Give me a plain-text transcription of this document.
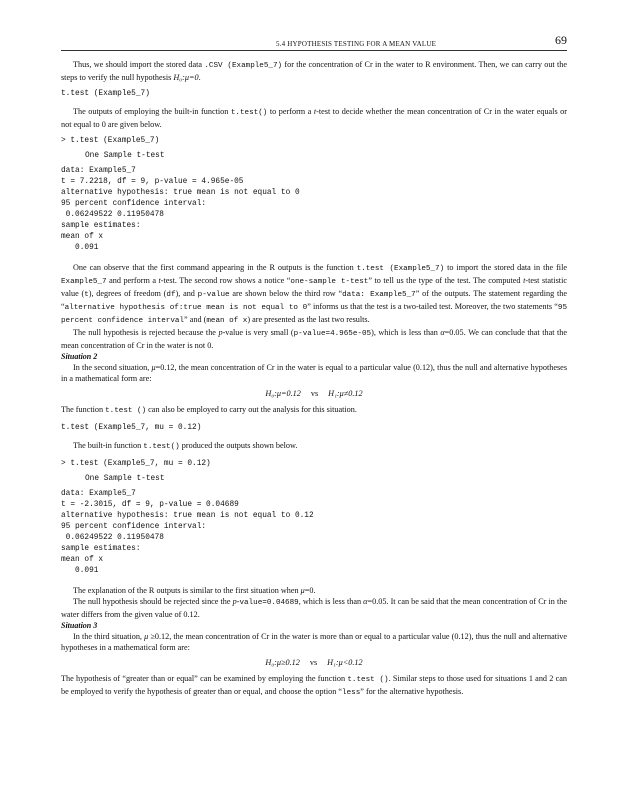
5.4 HYPOTHESIS TESTING FOR A MEAN VALUE	69

Thus, we should import the stored data .CSV (Example5_7) for the concentration of Cr in the water to R environment. Then, we can carry out the steps to verify the null hypothesis H₀:μ=0.

t.test (Example5_7)

The outputs of employing the built-in function t.test() to perform a t-test to decide whether the mean concentration of Cr in the water equals or not equal to 0 are given below.

> t.test (Example5_7)

One Sample t-test

data: Example5_7

t = 7.2218, df = 9, p-value = 4.965e-05

alternative hypothesis: true mean is not equal to 0

95 percent confidence interval:

0.06249522 0.11950478

sample estimates:

mean of x

0.091

One can observe that the first command appearing in the R outputs is the function t.test (Example5_7) to import the stored data in the file Example5_7 and perform a t-test. The second row shows a notice “one-sample t-test” to tell us the type of the test. The computed t-test statistic value (t), degrees of freedom (df), and p-value are shown below the third row “data: Example5_7” of the outputs. The statement regarding the “alternative hypothesis of:true mean is not equal to 0” informs us that the test is a two-tailed test. Moreover, the two statements “95 percent confidence interval” and (mean of x) are presented as the last two results.

The null hypothesis is rejected because the p-value is very small (p-value=4.965e-05), which is less than α=0.05. We can conclude that that the mean concentration of Cr in the water is not 0.

Situation 2

In the second situation, μ=0.12, the mean concentration of Cr in the water is equal to a particular value (0.12), thus the null and alternative hypotheses in a mathematical form are:

H₀:μ=0.12 vs H₁:μ≠0.12

The function t.test () can also be employed to carry out the analysis for this situation.

t.test (Example5_7, mu = 0.12)

The built-in function t.test() produced the outputs shown below.

> t.test (Example5_7, mu = 0.12)

One Sample t-test

data: Example5_7

t = -2.3015, df = 9, p-value = 0.04689

alternative hypothesis: true mean is not equal to 0.12

95 percent confidence interval:

0.06249522 0.11950478

sample estimates:

mean of x

0.091

The explanation of the R outputs is similar to the first situation when μ=0.

The null hypothesis should be rejected since the p-value=0.04689, which is less than α=0.05. It can be said that the mean concentration of Cr in the water differs from the given value of 0.12.

Situation 3

In the third situation, μ ≥0.12, the mean concentration of Cr in the water is more than or equal to a particular value (0.12), thus the null and alternative hypotheses in a mathematical form are:

H₀:μ≥0.12 vs H₁:μ<0.12

The hypothesis of “greater than or equal” can be examined by employing the function t.test (). Similar steps to those used for situations 1 and 2 can be employed to verify the hypothesis of greater than or equal, and choose the option “less” for the alternative hypothesis.
